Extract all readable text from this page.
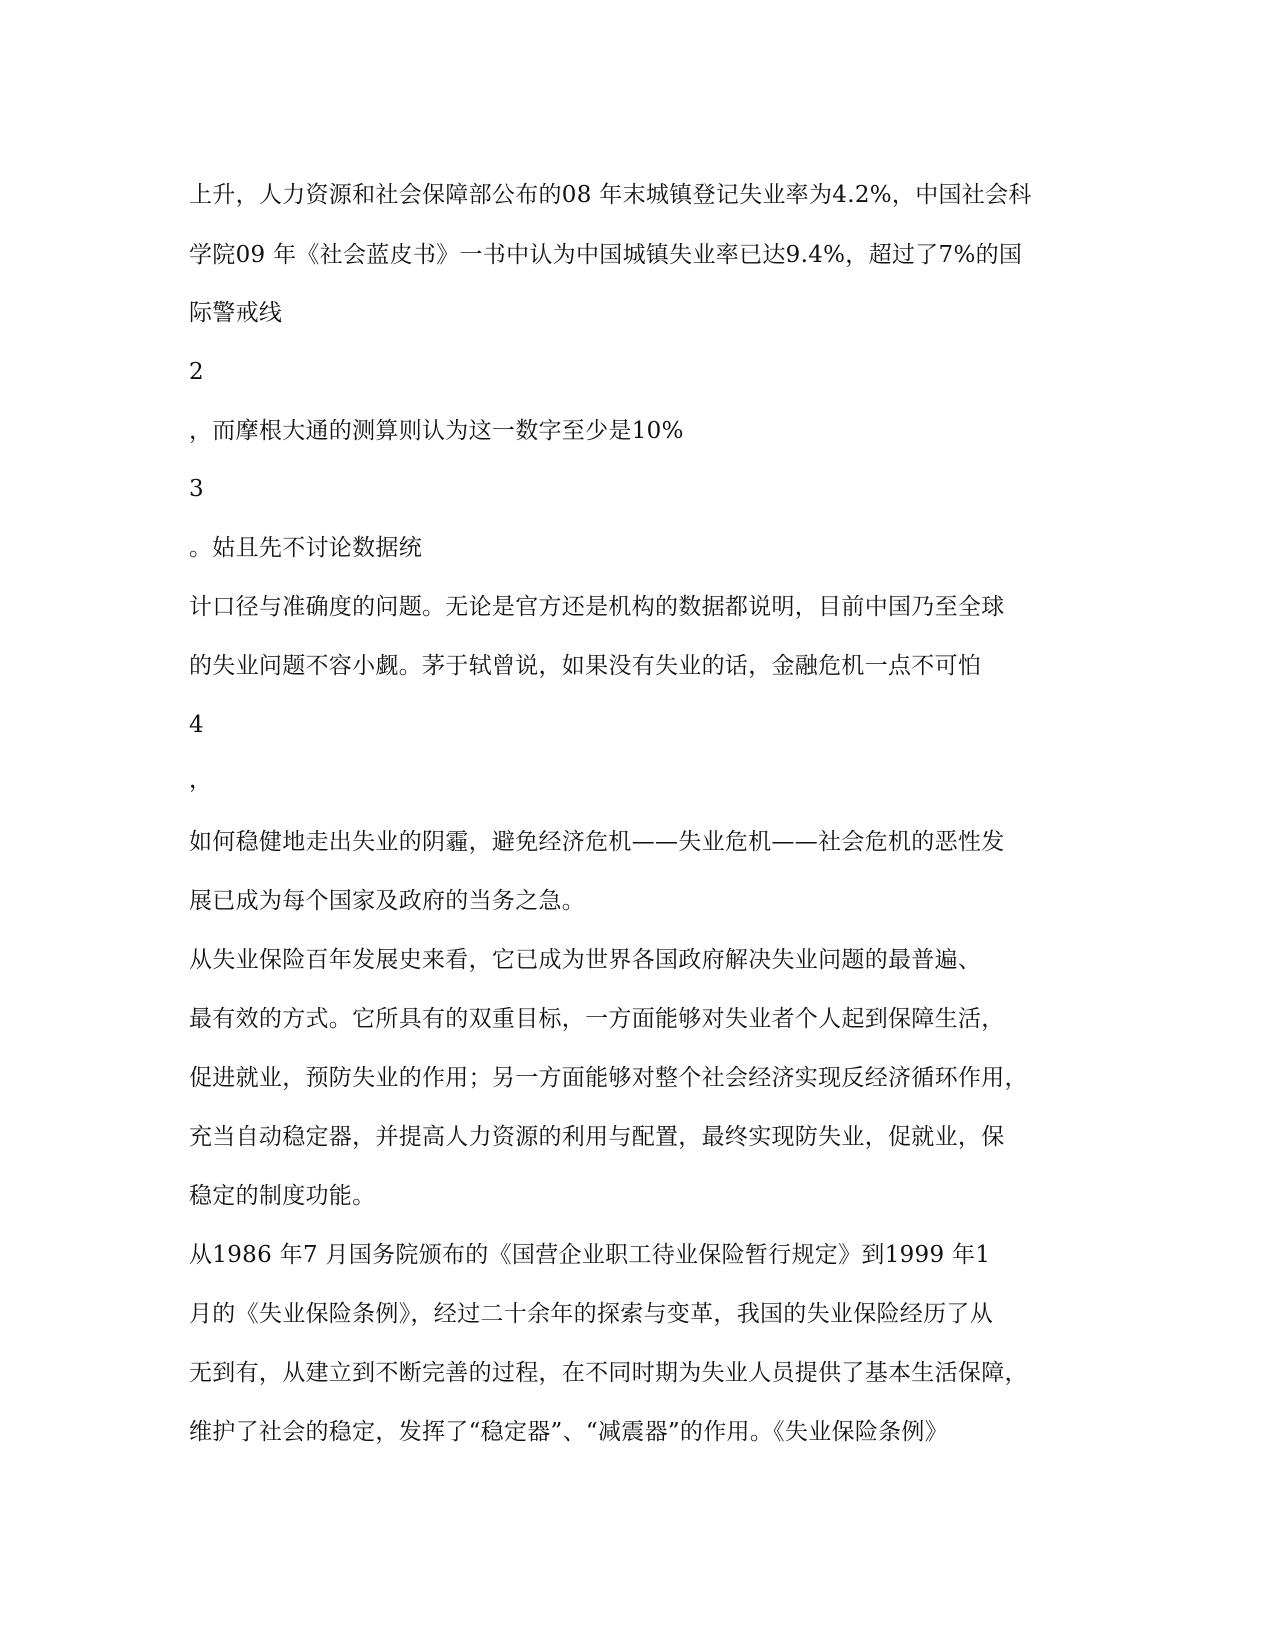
上升，人力资源和社会保障部公布的08 年末城镇登记失业率为4.2%，中国社会科
学院09 年《社会蓝皮书》一书中认为中国城镇失业率已达9.4%，超过了7%的国
际警戒线
2
，而摩根大通的测算则认为这一数字至少是10%
3
。姑且先不讨论数据统
计口径与准确度的问题。无论是官方还是机构的数据都说明，目前中国乃至全球
的失业问题不容小觑。茅于轼曾说，如果没有失业的话，金融危机一点不可怕
4
，
如何稳健地走出失业的阴霾，避免经济危机——失业危机——社会危机的恶性发
展已成为每个国家及政府的当务之急。
从失业保险百年发展史来看，它已成为世界各国政府解决失业问题的最普遍、
最有效的方式。它所具有的双重目标，一方面能够对失业者个人起到保障生活，
促进就业，预防失业的作用；另一方面能够对整个社会经济实现反经济循环作用，
充当自动稳定器，并提高人力资源的利用与配置，最终实现防失业，促就业，保
稳定的制度功能。
从1986 年7 月国务院颁布的《国营企业职工待业保险暂行规定》到1999 年1
月的《失业保险条例》，经过二十余年的探索与变革，我国的失业保险经历了从
无到有，从建立到不断完善的过程，在不同时期为失业人员提供了基本生活保障，
维护了社会的稳定，发挥了“稳定器”、“减震器”的作用。《失业保险条例》
